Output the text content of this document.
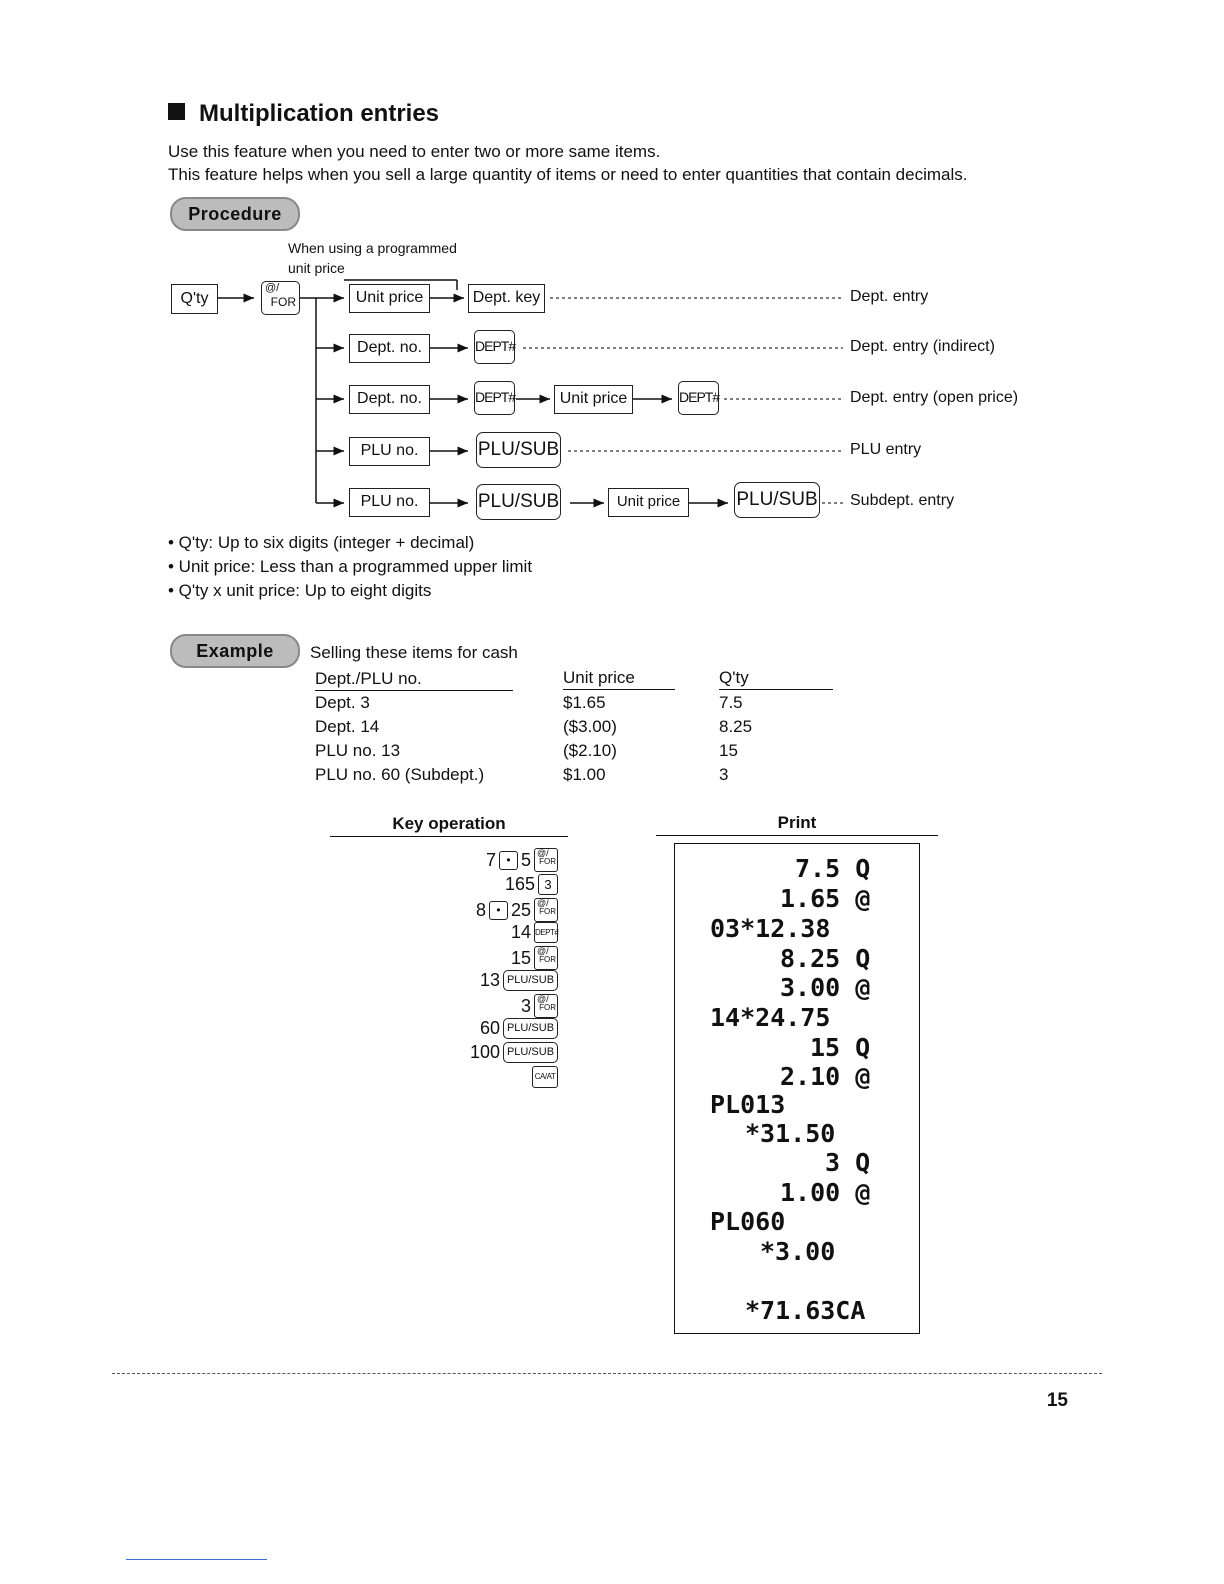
Multiplication entries
Use this feature when you need to enter two or more same items.
This feature helps when you sell a large quantity of items or need to enter quantities that contain decimals.
Procedure
When using a programmed
unit price
Q'ty
@/
FOR	Unit price	Dept. key	Dept. entry
Dept. no.	DEPT#	Dept. entry (indirect)
Dept. no.	DEPT#	Unit price	DEPT#	Dept. entry (open price)
PLU no.	PLU/SUB	PLU entry
PLU no.	PLU/SUB	Unit price	PLU/SUB Subdept. entry
• Q'ty: Up to six digits (integer + decimal)
• Unit price: Less than a programmed upper limit
• Q'ty x unit price: Up to eight digits
Example	Selling these items for cash
Dept./PLU no.	Unit price	Q'ty
Dept. 3	$1.65	7.5
Dept. 14	($3.00)	8.25
PLU no. 13	($2.10)	15
PLU no. 60 (Subdept.)	$1.00	3
Key operation
7 • 5 @/
FOR
165 3
8 • 25 @/
FOR
14 DEPT#
15 @/
FOR
13 PLU/SUB
3 @/
FOR
60 PLU/SUB
100 PLU/SUB
CA/AT
Print
7.5 Q
1.65 @
03*12.38
8.25 Q
3.00 @
14*24.75
15 Q
2.10 @
PL013
*31.50
3 Q
1.00 @
PL060
*3.00
*71.63CA
15
